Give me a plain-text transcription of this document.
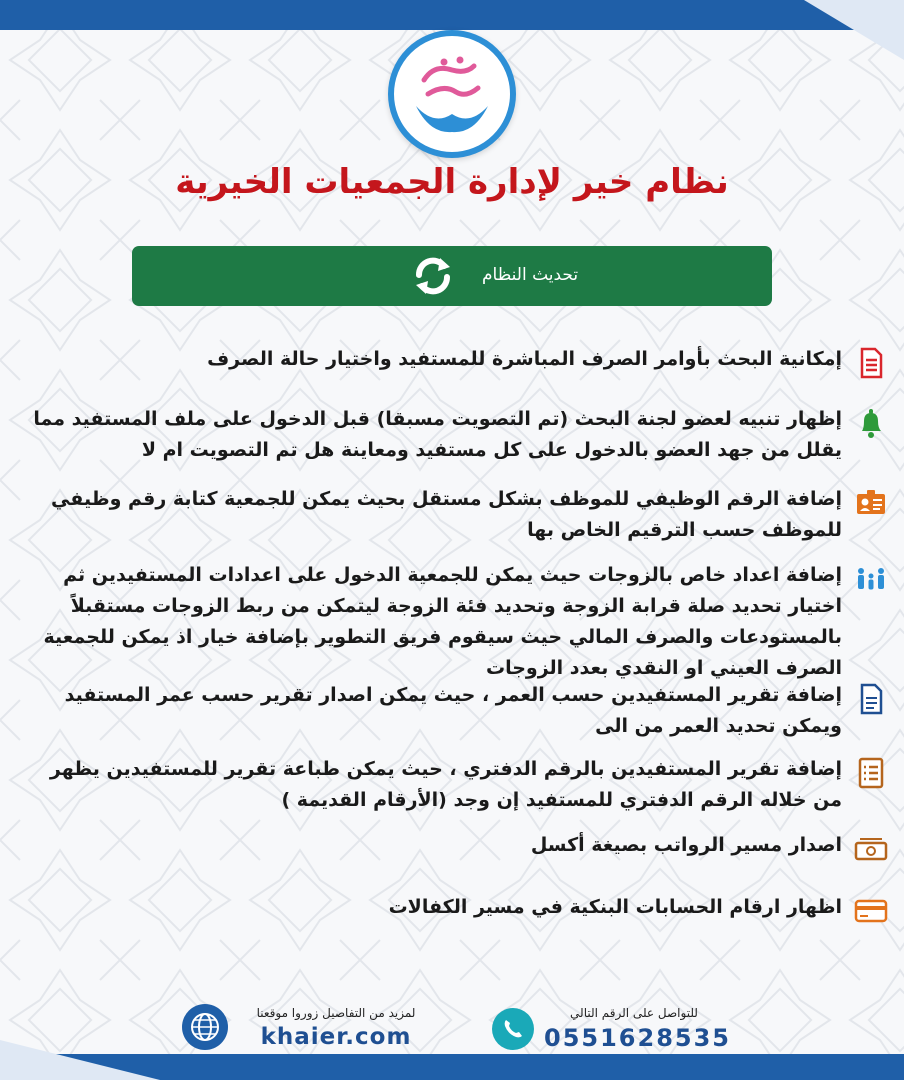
نظام خير لإدارة الجمعيات الخيرية
تحديث النظام

إمكانية البحث بأوامر الصرف المباشرة للمستفيد واختيار حالة الصرف

إظهار تنبيه لعضو لجنة البحث (تم التصويت مسبقا) قبل الدخول على ملف المستفيد مما يقلل من جهد العضو بالدخول على كل مستفيد ومعاينة هل تم التصويت ام لا

إضافة الرقم الوظيفي للموظف بشكل مستقل بحيث يمكن للجمعية كتابة رقم وظيفي للموظف حسب الترقيم الخاص بها

إضافة اعداد خاص بالزوجات حيث يمكن للجمعية الدخول على اعدادات المستفيدين ثم اختيار تحديد صلة قرابة الزوجة وتحديد فئة الزوجة ليتمكن من ربط الزوجات مستقبلاً بالمستودعات والصرف المالي حيث سيقوم فريق التطوير بإضافة خيار اذ يمكن للجمعية الصرف العيني او النقدي بعدد الزوجات

إضافة تقرير المستفيدين حسب العمر ، حيث يمكن اصدار تقرير حسب عمر المستفيد ويمكن تحديد العمر من الى

إضافة تقرير المستفيدين بالرقم الدفتري ، حيث يمكن طباعة تقرير للمستفيدين يظهر من خلاله الرقم الدفتري للمستفيد إن وجد (الأرقام القديمة )

اصدار مسير الرواتب بصيغة أكسل

اظهار ارقام الحسابات البنكية في مسير الكفالات

لمزيد من التفاصيل زوروا موقعنا
khaier.com
للتواصل على الرقم التالي
0551628535
